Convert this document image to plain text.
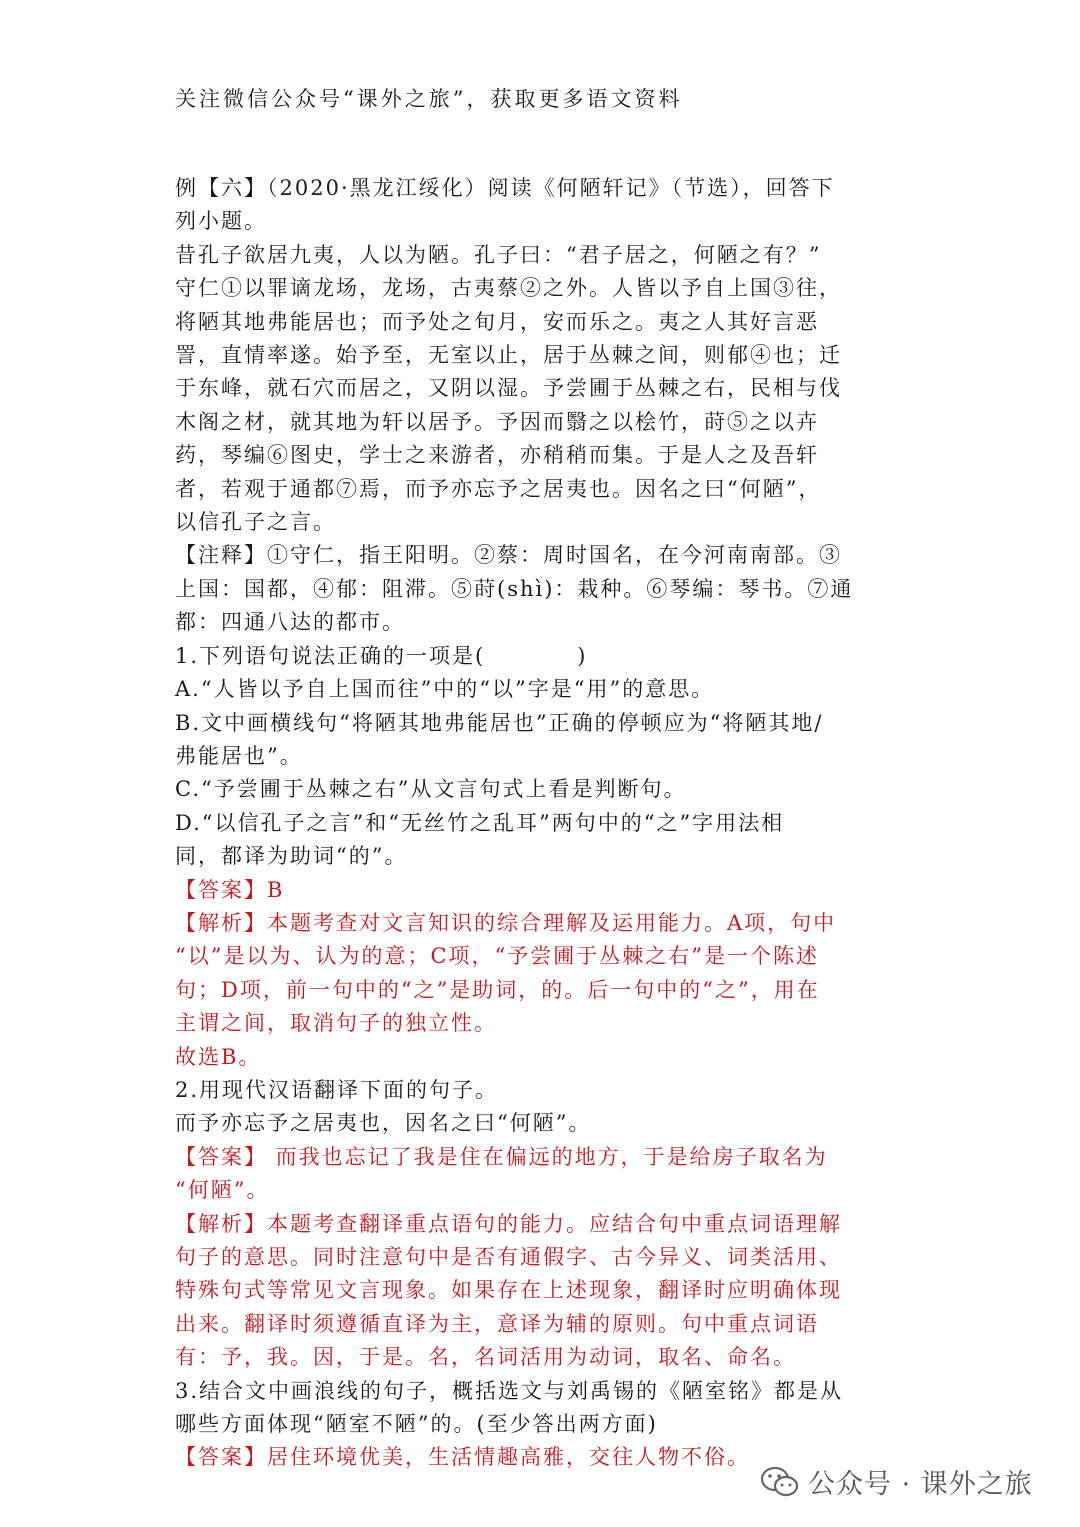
关注微信公众号“课外之旅”，获取更多语文资料

例【六】（2020·黑龙江绥化）阅读《何陋轩记》（节选），回答下

列小题。

昔孔子欲居九夷，人以为陋。孔子曰：“君子居之，何陋之有？”

守仁①以罪谪龙场，龙场，古夷蔡②之外。人皆以予自上国③往，

将陋其地弗能居也；而予处之旬月，安而乐之。夷之人其好言恶

詈，直情率遂。始予至，无室以止，居于丛棘之间，则郁④也；迁

于东峰，就石穴而居之，又阴以湿。予尝圃于丛棘之右，民相与伐

木阁之材，就其地为轩以居予。予因而翳之以桧竹，莳⑤之以卉

药，琴编⑥图史，学士之来游者，亦稍稍而集。于是人之及吾轩

者，若观于通都⑦焉，而予亦忘予之居夷也。因名之曰“何陋”，

以信孔子之言。

【注释】①守仁，指王阳明。②蔡：周时国名，在今河南南部。③

上国：国都，④郁：阻滞。⑤莳(shì)：栽种。⑥琴编：琴书。⑦通

都：四通八达的都市。

1.下列语句说法正确的一项是(　　　　)

A.“人皆以予自上国而往”中的“以”字是“用”的意思。

B.文中画横线句“将陋其地弗能居也”正确的停顿应为“将陋其地/

弗能居也”。

C.“予尝圃于丛棘之右”从文言句式上看是判断句。

D.“以信孔子之言”和“无丝竹之乱耳”两句中的“之”字用法相

同，都译为助词“的”。

【答案】B

【解析】本题考查对文言知识的综合理解及运用能力。A项，句中

“以”是以为、认为的意；C项，“予尝圃于丛棘之右”是一个陈述

句；D项，前一句中的“之”是助词，的。后一句中的“之”，用在

主谓之间，取消句子的独立性。

故选B。

2.用现代汉语翻译下面的句子。

而予亦忘予之居夷也，因名之曰“何陋”。

【答案】 而我也忘记了我是住在偏远的地方，于是给房子取名为

“何陋”。

【解析】本题考查翻译重点语句的能力。应结合句中重点词语理解

句子的意思。同时注意句中是否有通假字、古今异义、词类活用、

特殊句式等常见文言现象。如果存在上述现象，翻译时应明确体现

出来。翻译时须遵循直译为主，意译为辅的原则。句中重点词语

有：予，我。因，于是。名，名词活用为动词，取名、命名。

3.结合文中画浪线的句子，概括选文与刘禹锡的《陋室铭》都是从

哪些方面体现“陋室不陋”的。(至少答出两方面)

【答案】居住环境优美，生活情趣高雅，交往人物不俗。

公众号 · 课外之旅
